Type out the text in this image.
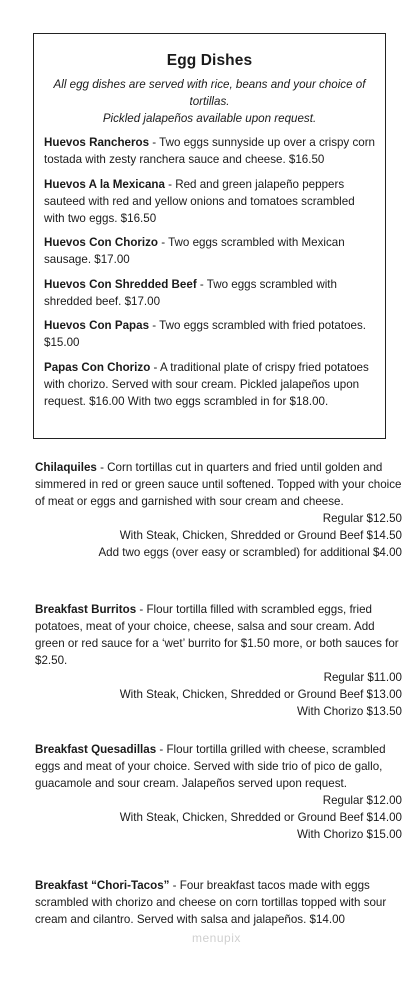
Egg Dishes
All egg dishes are served with rice, beans and your choice of tortillas.
Pickled jalapeños available upon request.
Huevos Rancheros - Two eggs sunnyside up over a crispy corn tostada with zesty ranchera sauce and cheese. $16.50
Huevos A la Mexicana - Red and green jalapeño peppers sauteed with red and yellow onions and tomatoes scrambled with two eggs. $16.50
Huevos Con Chorizo - Two eggs scrambled with Mexican sausage. $17.00
Huevos Con Shredded Beef - Two eggs scrambled with shredded beef. $17.00
Huevos Con Papas - Two eggs scrambled with fried potatoes. $15.00
Papas Con Chorizo - A traditional plate of crispy fried potatoes with chorizo. Served with sour cream. Pickled jalapeños upon request. $16.00 With two eggs scrambled in for $18.00.

Chilaquiles - Corn tortillas cut in quarters and fried until golden and simmered in red or green sauce until softened. Topped with your choice of meat or eggs and garnished with sour cream and cheese.

Regular $12.50
With Steak, Chicken, Shredded or Ground Beef $14.50
Add two eggs (over easy or scrambled) for additional $4.00

Breakfast Burritos - Flour tortilla filled with scrambled eggs, fried potatoes, meat of your choice, cheese, salsa and sour cream. Add green or red sauce for a ‘wet’ burrito for $1.50 more, or both sauces for $2.50.

Regular $11.00
With Steak, Chicken, Shredded or Ground Beef $13.00
With Chorizo $13.50

Breakfast Quesadillas - Flour tortilla grilled with cheese, scrambled eggs and meat of your choice. Served with side trio of pico de gallo, guacamole and sour cream. Jalapeños served upon request.

Regular $12.00
With Steak, Chicken, Shredded or Ground Beef $14.00
With Chorizo $15.00

Breakfast “Chori-Tacos” - Four breakfast tacos made with eggs scrambled with chorizo and cheese on corn tortillas topped with sour cream and cilantro. Served with salsa and jalapeños. $14.00

menupix
